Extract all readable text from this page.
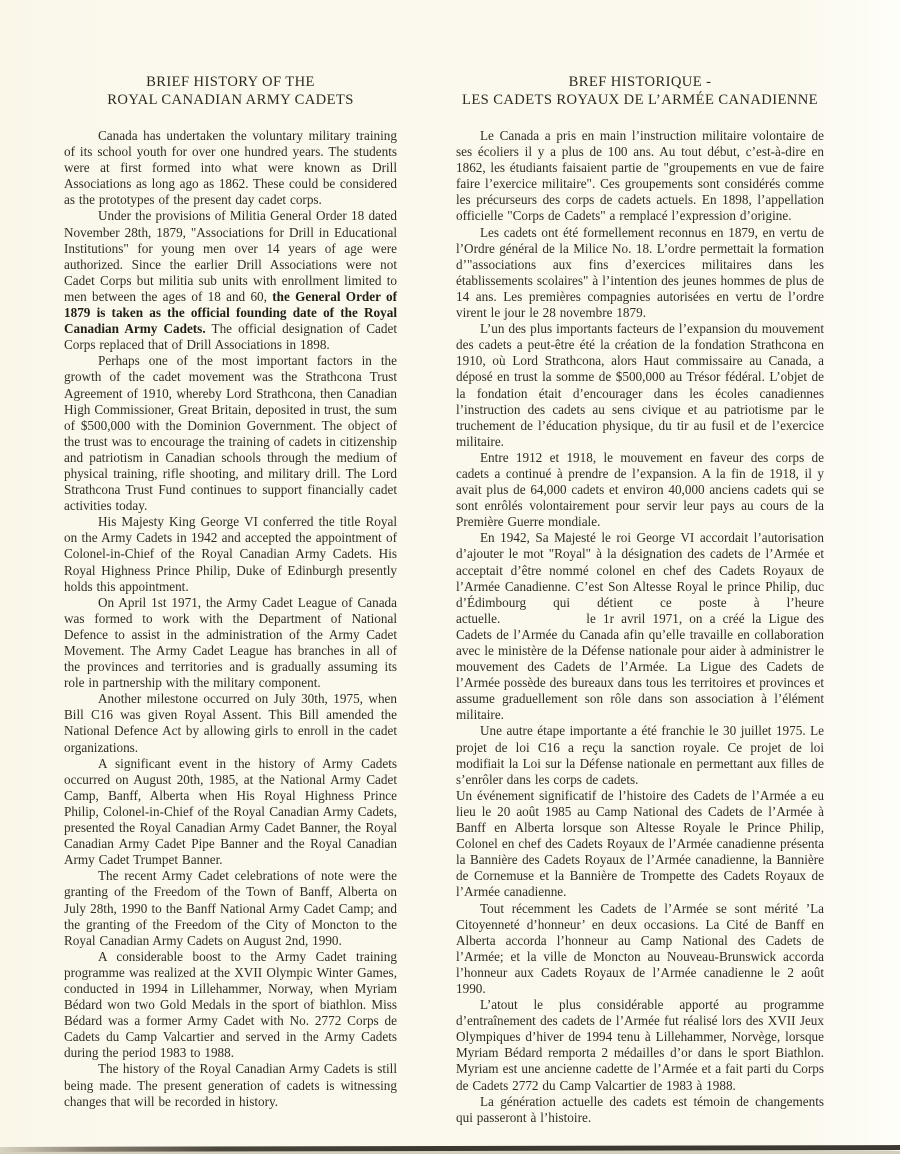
BRIEF HISTORY OF THE
ROYAL CANADIAN ARMY CADETS

Canada has undertaken the voluntary military training of its school youth for over one hundred years. The students were at first formed into what were known as Drill Associations as long ago as 1862. These could be considered as the prototypes of the present day cadet corps.

Under the provisions of Militia General Order 18 dated November 28th, 1879, "Associations for Drill in Educational Institutions" for young men over 14 years of age were authorized. Since the earlier Drill Associations were not Cadet Corps but militia sub units with enrollment limited to men between the ages of 18 and 60, the General Order of 1879 is taken as the official founding date of the Royal Canadian Army Cadets. The official designation of Cadet Corps replaced that of Drill Associations in 1898.

Perhaps one of the most important factors in the growth of the cadet movement was the Strathcona Trust Agreement of 1910, whereby Lord Strathcona, then Canadian High Commissioner, Great Britain, deposited in trust, the sum of $500,000 with the Dominion Government. The object of the trust was to encourage the training of cadets in citizenship and patriotism in Canadian schools through the medium of physical training, rifle shooting, and military drill. The Lord Strathcona Trust Fund continues to support financially cadet activities today.

His Majesty King George VI conferred the title Royal on the Army Cadets in 1942 and accepted the appointment of Colonel-in-Chief of the Royal Canadian Army Cadets. His Royal Highness Prince Philip, Duke of Edinburgh presently holds this appointment.

On April 1st 1971, the Army Cadet League of Canada was formed to work with the Department of National Defence to assist in the administration of the Army Cadet Movement. The Army Cadet League has branches in all of the provinces and territories and is gradually assuming its role in partnership with the military component.

Another milestone occurred on July 30th, 1975, when Bill C16 was given Royal Assent. This Bill amended the National Defence Act by allowing girls to enroll in the cadet organizations.

A significant event in the history of Army Cadets occurred on August 20th, 1985, at the National Army Cadet Camp, Banff, Alberta when His Royal Highness Prince Philip, Colonel-in-Chief of the Royal Canadian Army Cadets, presented the Royal Canadian Army Cadet Banner, the Royal Canadian Army Cadet Pipe Banner and the Royal Canadian Army Cadet Trumpet Banner.

The recent Army Cadet celebrations of note were the granting of the Freedom of the Town of Banff, Alberta on July 28th, 1990 to the Banff National Army Cadet Camp; and the granting of the Freedom of the City of Moncton to the Royal Canadian Army Cadets on August 2nd, 1990.

A considerable boost to the Army Cadet training programme was realized at the XVII Olympic Winter Games, conducted in 1994 in Lillehammer, Norway, when Myriam Bédard won two Gold Medals in the sport of biathlon. Miss Bédard was a former Army Cadet with No. 2772 Corps de Cadets du Camp Valcartier and served in the Army Cadets during the period 1983 to 1988.

The history of the Royal Canadian Army Cadets is still being made. The present generation of cadets is witnessing changes that will be recorded in history.

BREF HISTORIQUE -
LES CADETS ROYAUX DE L’ARMÉE CANADIENNE

Le Canada a pris en main l’instruction militaire volontaire de ses écoliers il y a plus de 100 ans. Au tout début, c’est-à-dire en 1862, les étudiants faisaient partie de "groupements en vue de faire faire l’exercice militaire". Ces groupements sont considérés comme les précurseurs des corps de cadets actuels. En 1898, l’appellation officielle "Corps de Cadets" a remplacé l’expression d’origine.

Les cadets ont été formellement reconnus en 1879, en vertu de l’Ordre général de la Milice No. 18. L’ordre permettait la formation d’"associations aux fins d’exercices militaires dans les établissements scolaires" à l’intention des jeunes hommes de plus de 14 ans. Les premières compagnies autorisées en vertu de l’ordre virent le jour le 28 novembre 1879.

L’un des plus importants facteurs de l’expansion du mouvement des cadets a peut-être été la création de la fondation Strathcona en 1910, où Lord Strathcona, alors Haut commissaire au Canada, a déposé en trust la somme de $500,000 au Trésor fédéral. L’objet de la fondation était d’encourager dans les écoles canadiennes l’instruction des cadets au sens civique et au patriotisme par le truchement de l’éducation physique, du tir au fusil et de l’exercice militaire.

Entre 1912 et 1918, le mouvement en faveur des corps de cadets a continué à prendre de l’expansion. A la fin de 1918, il y avait plus de 64,000 cadets et environ 40,000 anciens cadets qui se sont enrôlés volontairement pour servir leur pays au cours de la Première Guerre mondiale.

En 1942, Sa Majesté le roi George VI accordait l’autorisation d’ajouter le mot "Royal" à la désignation des cadets de l’Armée et acceptait d’être nommé colonel en chef des Cadets Royaux de l’Armée Canadienne. C’est Son Altesse Royal le prince Philip, duc d’Édimbourg qui détient ce poste à l’heure actuelle.	le 1r avril 1971, on a créé la Ligue des Cadets de l’Armée du Canada afin qu’elle travaille en collaboration avec le ministère de la Défense nationale pour aider à administrer le mouvement des Cadets de l’Armée. La Ligue des Cadets de l’Armée possède des bureaux dans tous les territoires et provinces et assume graduellement son rôle dans son association à l’élément militaire.

Une autre étape importante a été franchie le 30 juillet 1975. Le projet de loi C16 a reçu la sanction royale. Ce projet de loi modifiait la Loi sur la Défense nationale en permettant aux filles de s’enrôler dans les corps de cadets.

Un événement significatif de l’histoire des Cadets de l’Armée a eu lieu le 20 août 1985 au Camp National des Cadets de l’Armée à Banff en Alberta lorsque son Altesse Royale le Prince Philip, Colonel en chef des Cadets Royaux de l’Armée canadienne présenta la Bannière des Cadets Royaux de l’Armée canadienne, la Bannière de Cornemuse et la Bannière de Trompette des Cadets Royaux de l’Armée canadienne.

Tout récemment les Cadets de l’Armée se sont mérité ’La Citoyenneté d’honneur’ en deux occasions. La Cité de Banff en Alberta accorda l’honneur au Camp National des Cadets de l’Armée; et la ville de Moncton au Nouveau-Brunswick accorda l’honneur aux Cadets Royaux de l’Armée canadienne le 2 août 1990.

L’atout le plus considérable apporté au programme d’entraînement des cadets de l’Armée fut réalisé lors des XVII Jeux Olympiques d’hiver de 1994 tenu à Lillehammer, Norvège, lorsque Myriam Bédard remporta 2 médailles d’or dans le sport Biathlon. Myriam est une ancienne cadette de l’Armée et a fait parti du Corps de Cadets 2772 du Camp Valcartier de 1983 à 1988.

La génération actuelle des cadets est témoin de changements qui passeront à l’histoire.
